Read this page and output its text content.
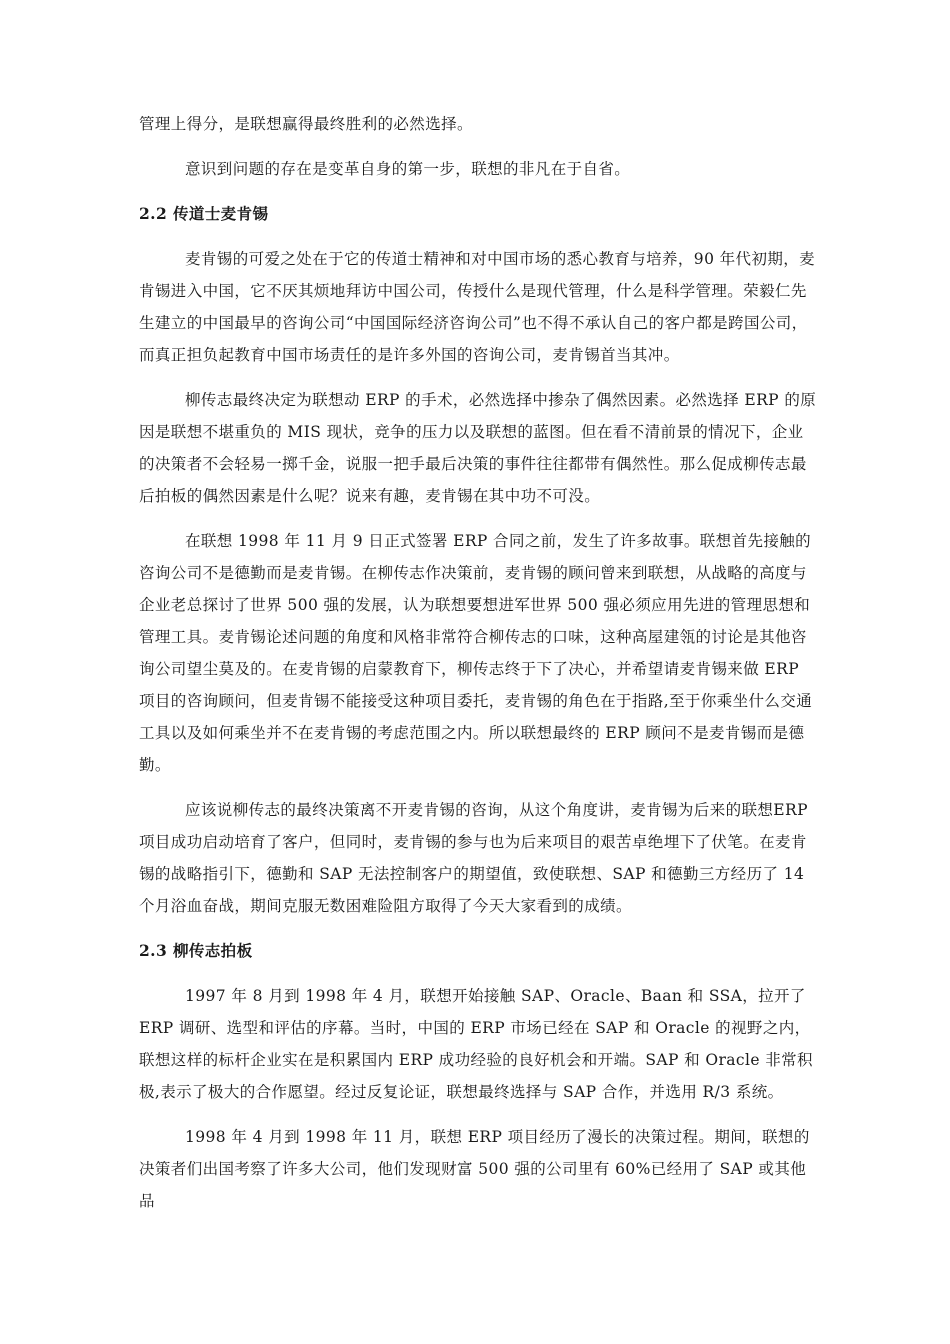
管理上得分，是联想赢得最终胜利的必然选择。

意识到问题的存在是变革自身的第一步，联想的非凡在于自省。

2.2 传道士麦肯锡

麦肯锡的可爱之处在于它的传道士精神和对中国市场的悉心教育与培养，90 年代初期，麦肯锡进入中国，它不厌其烦地拜访中国公司，传授什么是现代管理，什么是科学管理。荣毅仁先生建立的中国最早的咨询公司“中国国际经济咨询公司”也不得不承认自己的客户都是跨国公司，而真正担负起教育中国市场责任的是许多外国的咨询公司，麦肯锡首当其冲。

柳传志最终决定为联想动 ERP 的手术，必然选择中掺杂了偶然因素。必然选择 ERP 的原因是联想不堪重负的 MIS 现状，竞争的压力以及联想的蓝图。但在看不清前景的情况下，企业的决策者不会轻易一掷千金，说服一把手最后决策的事件往往都带有偶然性。那么促成柳传志最后拍板的偶然因素是什么呢？说来有趣，麦肯锡在其中功不可没。

在联想 1998 年 11 月 9 日正式签署 ERP 合同之前，发生了许多故事。联想首先接触的咨询公司不是德勤而是麦肯锡。在柳传志作决策前，麦肯锡的顾问曾来到联想，从战略的高度与企业老总探讨了世界 500 强的发展，认为联想要想进军世界 500 强必须应用先进的管理思想和管理工具。麦肯锡论述问题的角度和风格非常符合柳传志的口味，这种高屋建瓴的讨论是其他咨询公司望尘莫及的。在麦肯锡的启蒙教育下，柳传志终于下了决心，并希望请麦肯锡来做 ERP 项目的咨询顾问，但麦肯锡不能接受这种项目委托，麦肯锡的角色在于指路,至于你乘坐什么交通工具以及如何乘坐并不在麦肯锡的考虑范围之内。所以联想最终的 ERP 顾问不是麦肯锡而是德勤。

应该说柳传志的最终决策离不开麦肯锡的咨询，从这个角度讲，麦肯锡为后来的联想ERP 项目成功启动培育了客户，但同时，麦肯锡的参与也为后来项目的艰苦卓绝埋下了伏笔。在麦肯锡的战略指引下，德勤和 SAP 无法控制客户的期望值，致使联想、SAP 和德勤三方经历了 14 个月浴血奋战，期间克服无数困难险阻方取得了今天大家看到的成绩。

2.3 柳传志拍板

1997 年 8 月到 1998 年 4 月，联想开始接触 SAP、Oracle、Baan 和 SSA，拉开了 ERP 调研、选型和评估的序幕。当时，中国的 ERP 市场已经在 SAP 和 Oracle 的视野之内，联想这样的标杆企业实在是积累国内 ERP 成功经验的良好机会和开端。SAP 和 Oracle 非常积极,表示了极大的合作愿望。经过反复论证，联想最终选择与 SAP 合作，并选用 R/3 系统。

1998 年 4 月到 1998 年 11 月，联想 ERP 项目经历了漫长的决策过程。期间，联想的决策者们出国考察了许多大公司，他们发现财富 500 强的公司里有 60%已经用了 SAP 或其他品
